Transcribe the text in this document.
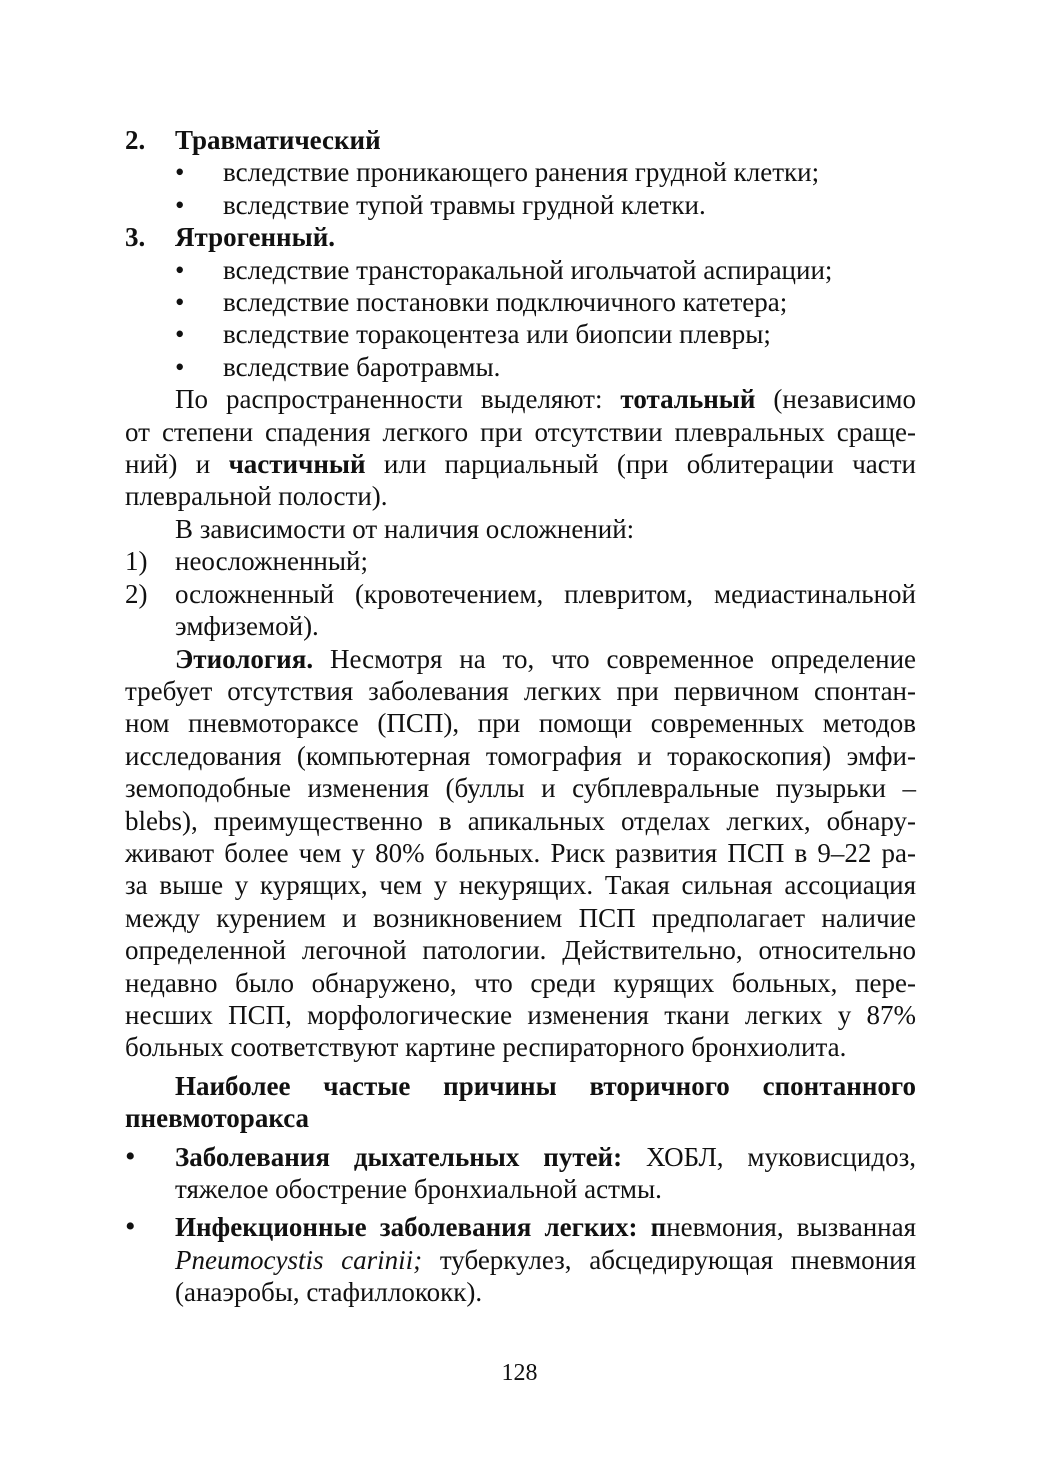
2.	Травматический
•	вследствие проникающего ранения грудной клетки;
•	вследствие тупой травмы грудной клетки.
3.	Ятрогенный.
•	вследствие трансторакальной игольчатой аспирации;
•	вследствие постановки подключичного катетера;
•	вследствие торакоцентеза или биопсии плевры;
•	вследствие баротравмы.

По распространенности выделяют: тотальный (независимо

от степени спадения легкого при отсутствии плевральных сраще-

ний) и частичный или парциальный (при облитерации части

плевральной полости).

В зависимости от наличия осложнений:

1)	неосложненный;
2)	осложненный (кровотечением, плевритом, медиастинальной
эмфиземой).

Этиология. Несмотря на то, что современное определение

требует отсутствия заболевания легких при первичном спонтан-

ном пневмотораксе (ПСП), при помощи современных методов

исследования (компьютерная томография и торакоскопия) эмфи-

земоподобные изменения (буллы и субплевральные пузырьки –

blebs), преимущественно в апикальных отделах легких, обнару-

живают более чем у 80% больных. Риск развития ПСП в 9–22 ра-

за выше у курящих, чем у некурящих. Такая сильная ассоциация

между курением и возникновением ПСП предполагает наличие

определенной легочной патологии. Действительно, относительно

недавно было обнаружено, что среди курящих больных, пере-

несших ПСП, морфологические изменения ткани легких у 87%

больных соответствуют картине респираторного бронхиолита.

Наиболее частые причины вторичного спонтанного

пневмоторакса

•	Заболевания дыхательных путей: ХОБЛ, муковисцидоз,
тяжелое обострение бронхиальной астмы.
•	Инфекционные заболевания легких: пневмония, вызванная
Pneumocystis carinii; туберкулез, абсцедирующая пневмония
(анаэробы, стафиллококк).
128
